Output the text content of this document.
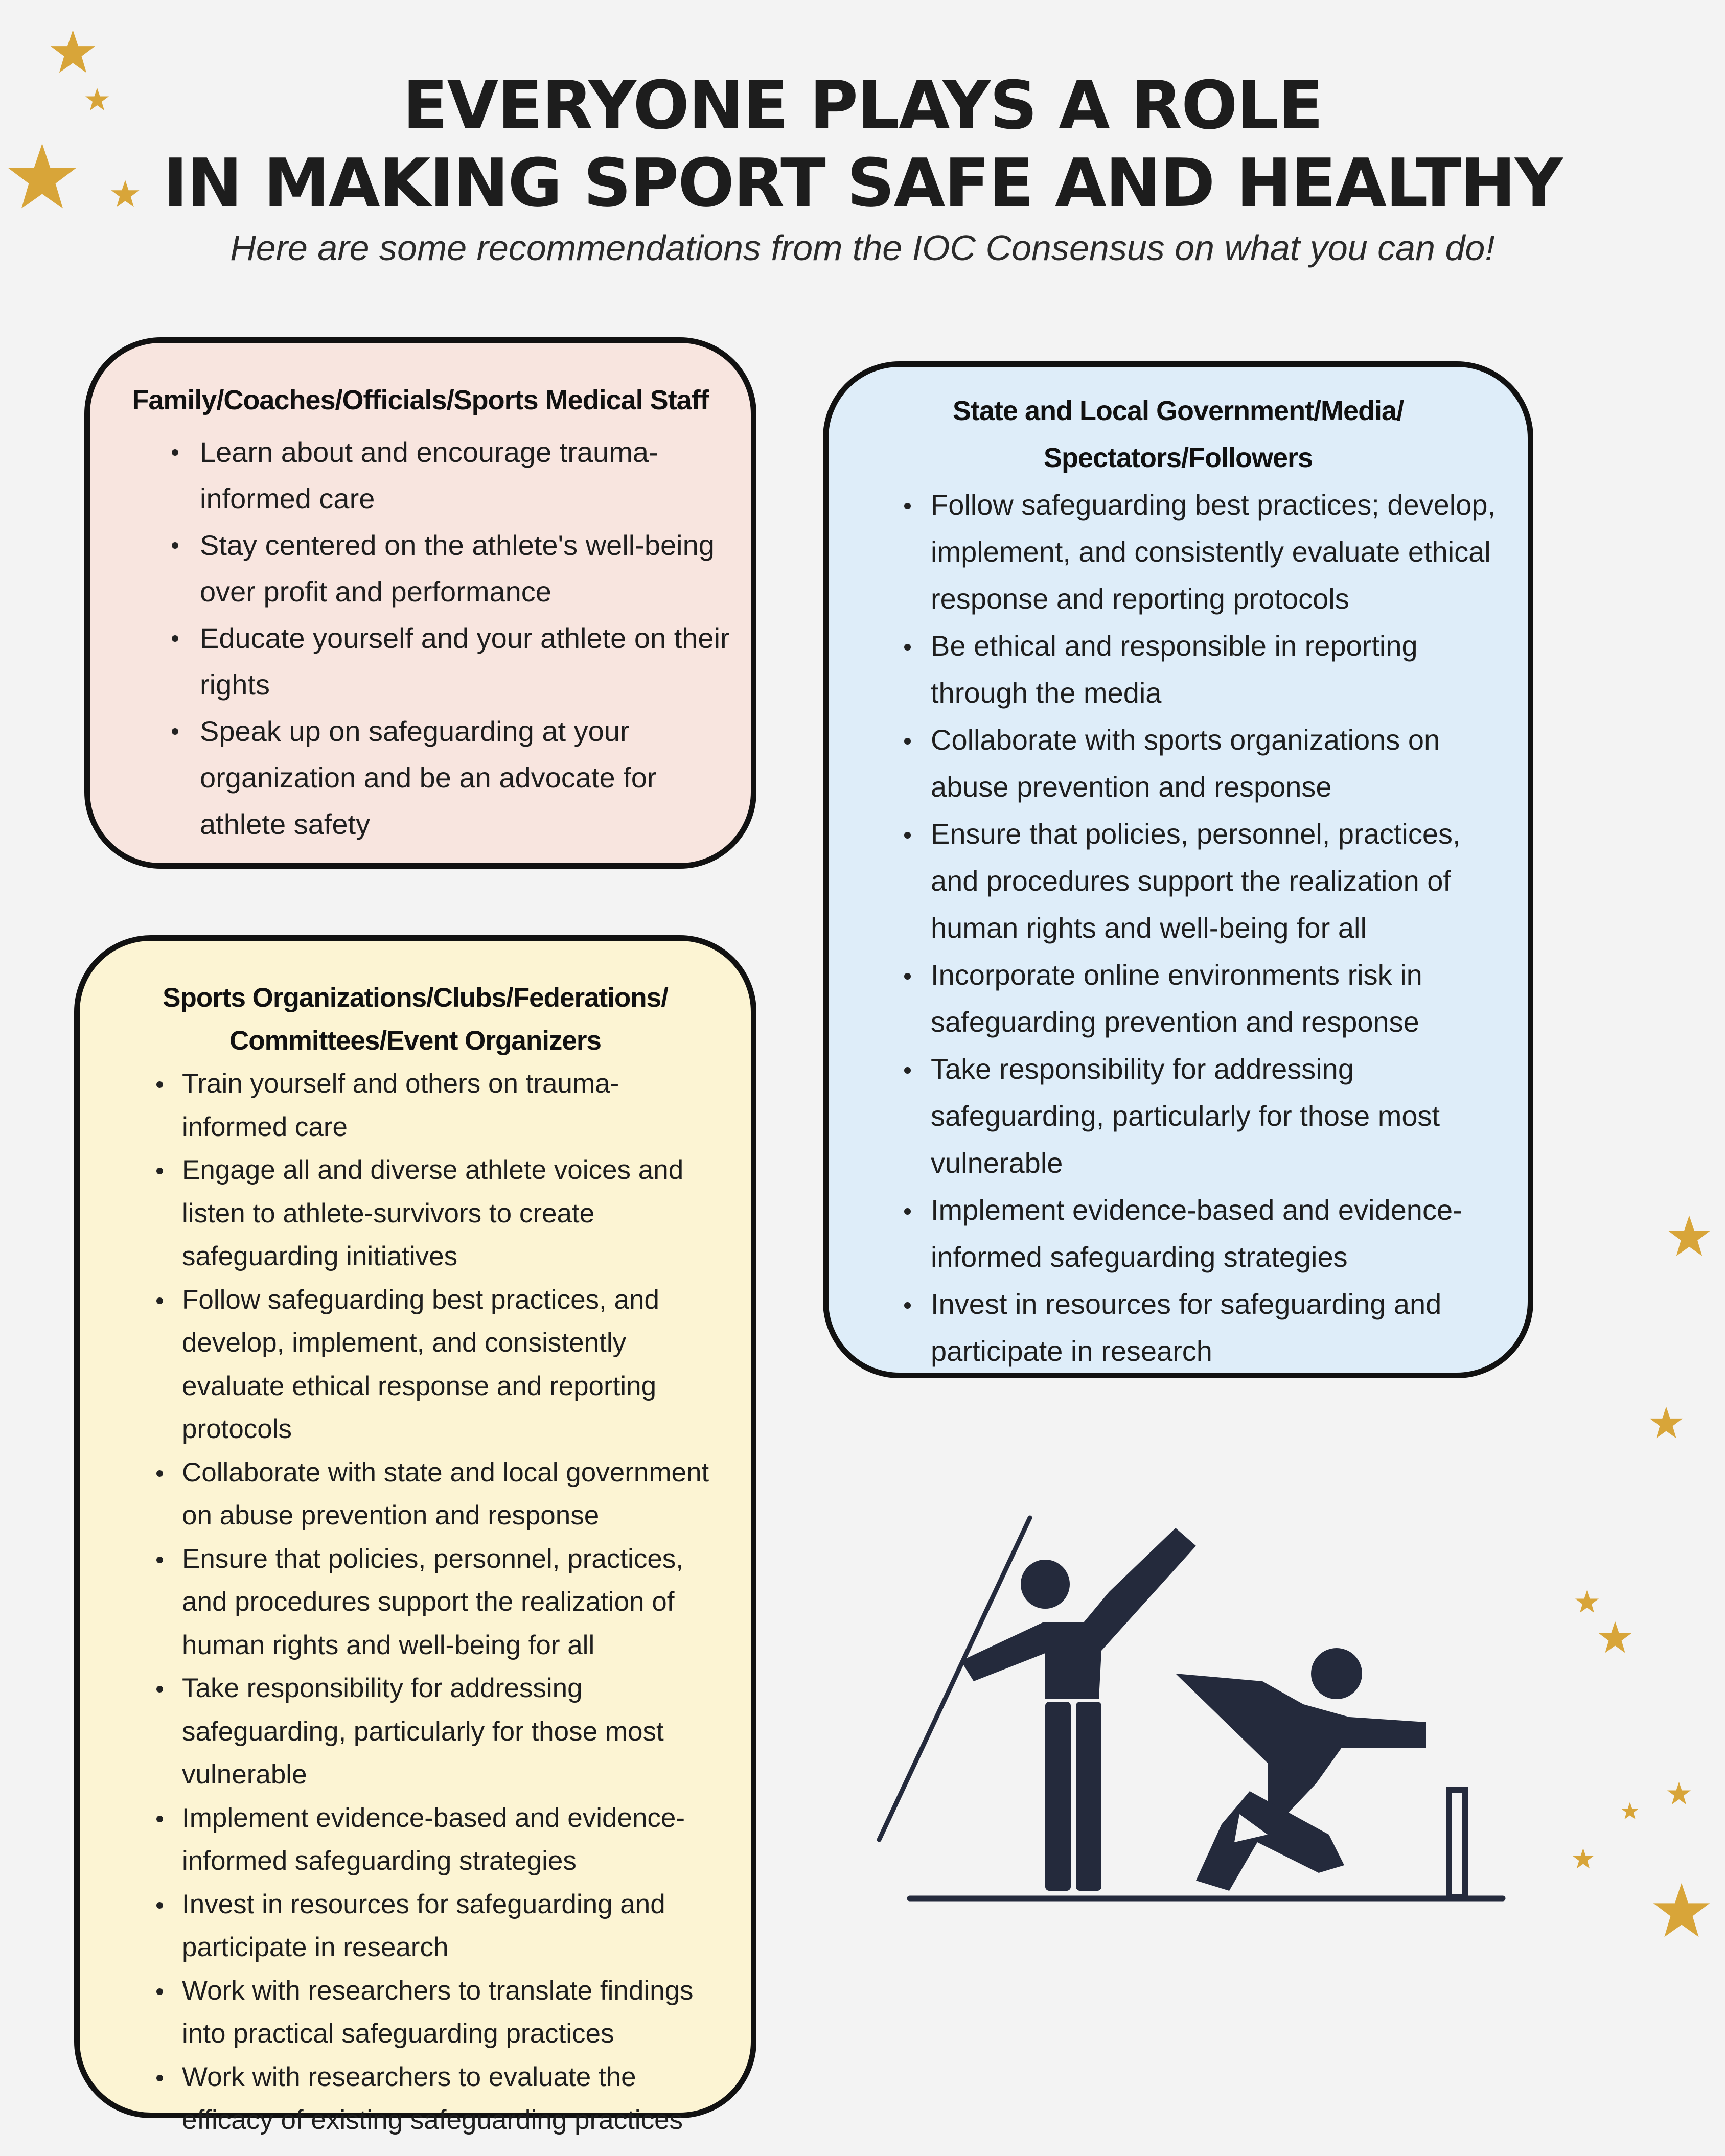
EVERYONE PLAYS A ROLE
IN MAKING SPORT SAFE AND HEALTHY
Here are some recommendations from the IOC Consensus on what you can do!
Family/Coaches/Officials/Sports Medical Staff
Learn about and encourage trauma-informed care
Stay centered on the athlete's well-being over profit and performance
Educate yourself and your athlete on their rights
Speak up on safeguarding at your organization and be an advocate for athlete safety
Sports Organizations/Clubs/Federations/
Committees/Event Organizers
Train yourself and others on trauma-informed care
Engage all and diverse athlete voices and listen to athlete-survivors to create safeguarding initiatives
Follow safeguarding best practices, and develop, implement, and consistently evaluate ethical response and reporting protocols
Collaborate with state and local government on abuse prevention and response
Ensure that policies, personnel, practices, and procedures support the realization of human rights and well-being for all
Take responsibility for addressing safeguarding, particularly for those most vulnerable
Implement evidence-based and evidence-informed safeguarding strategies
Invest in resources for safeguarding and participate in research
Work with researchers to translate findings into practical safeguarding practices
Work with researchers to evaluate the efficacy of existing safeguarding practices
State and Local Government/Media/
Spectators/Followers
Follow safeguarding best practices; develop, implement, and consistently evaluate ethical response and reporting protocols
Be ethical and responsible in reporting through the media
Collaborate with sports organizations on abuse prevention and response
Ensure that policies, personnel, practices, and procedures support the realization of human rights and well-being for all
Incorporate online environments risk in safeguarding prevention and response
Take responsibility for addressing safeguarding, particularly for those most vulnerable
Implement evidence-based and evidence-informed safeguarding strategies
Invest in resources for safeguarding and participate in research
